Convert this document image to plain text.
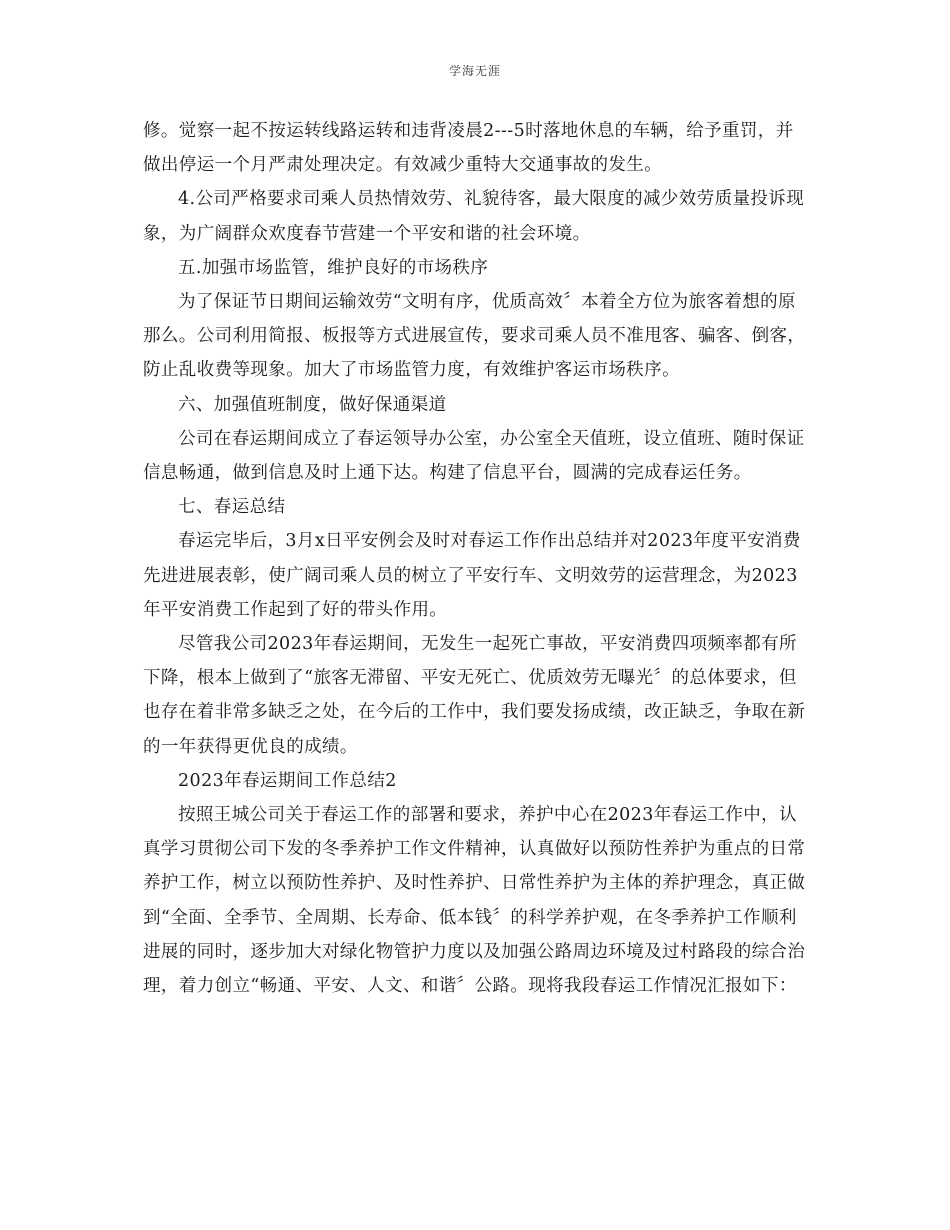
学海无涯

修。觉察一起不按运转线路运转和违背凌晨2---5时落地休息的车辆，给予重罚，并做出停运一个月严肃处理决定。有效减少重特大交通事故的发生。

4.公司严格要求司乘人员热情效劳、礼貌待客，最大限度的减少效劳质量投诉现象，为广阔群众欢度春节营建一个平安和谐的社会环境。

五.加强市场监管，维护良好的市场秩序

为了保证节日期间运输效劳“文明有序，优质高效〞本着全方位为旅客着想的原那么。公司利用简报、板报等方式进展宣传，要求司乘人员不准甩客、骗客、倒客，防止乱收费等现象。加大了市场监管力度，有效维护客运市场秩序。

六、加强值班制度，做好保通渠道

公司在春运期间成立了春运领导办公室，办公室全天值班，设立值班、随时保证信息畅通，做到信息及时上通下达。构建了信息平台，圆满的完成春运任务。

七、春运总结

春运完毕后，3月x日平安例会及时对春运工作作出总结并对2023年度平安消费先进进展表彰，使广阔司乘人员的树立了平安行车、文明效劳的运营理念，为2023年平安消费工作起到了好的带头作用。

尽管我公司2023年春运期间，无发生一起死亡事故，平安消费四项频率都有所下降，根本上做到了“旅客无滞留、平安无死亡、优质效劳无曝光〞的总体要求，但也存在着非常多缺乏之处，在今后的工作中，我们要发扬成绩，改正缺乏，争取在新的一年获得更优良的成绩。

2023年春运期间工作总结2

按照王城公司关于春运工作的部署和要求，养护中心在2023年春运工作中，认真学习贯彻公司下发的冬季养护工作文件精神，认真做好以预防性养护为重点的日常养护工作，树立以预防性养护、及时性养护、日常性养护为主体的养护理念，真正做到“全面、全季节、全周期、长寿命、低本钱〞的科学养护观，在冬季养护工作顺利进展的同时，逐步加大对绿化物管护力度以及加强公路周边环境及过村路段的综合治理，着力创立“畅通、平安、人文、和谐〞公路。现将我段春运工作情况汇报如下：
